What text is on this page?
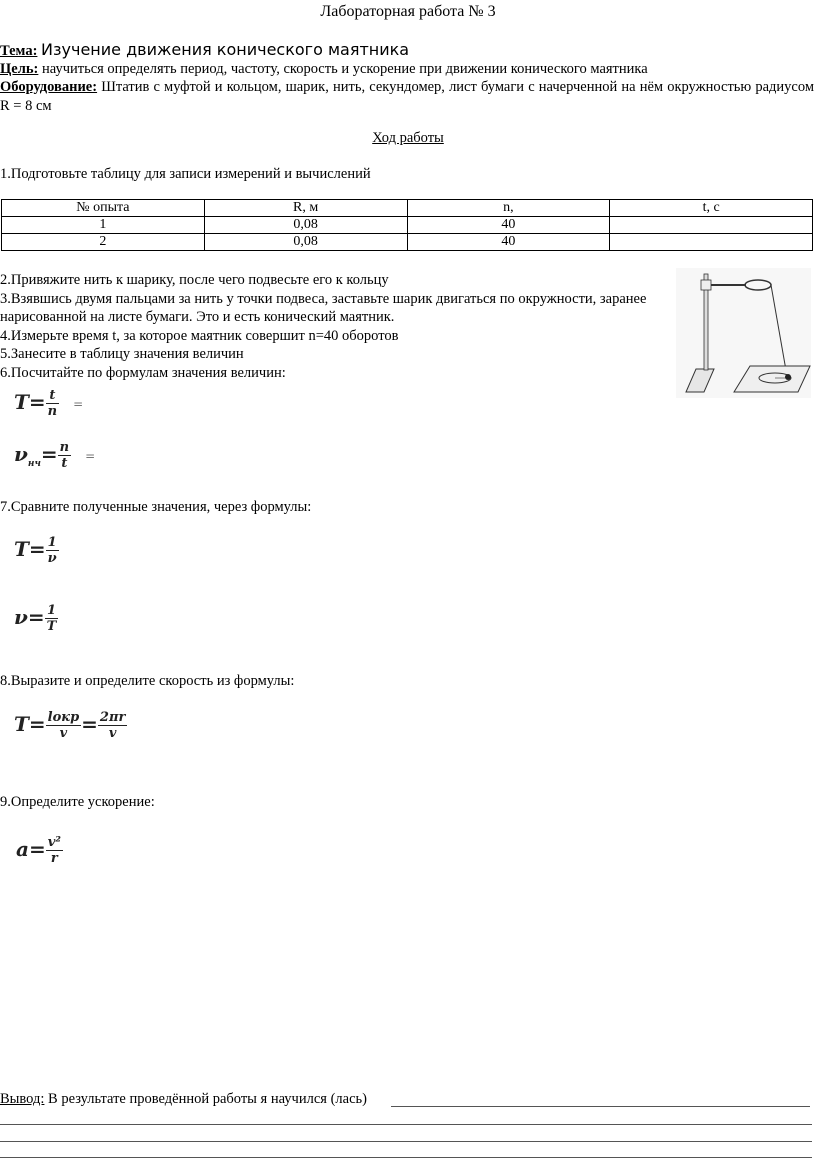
Лабораторная работа № 3
Тема: Изучение движения конического маятника
Цель: научиться определять период, частоту, скорость и ускорение при движении конического маятника
Оборудование: Штатив с муфтой и кольцом, шарик, нить, секундомер, лист бумаги с начерченной на нём окружностью радиусом R = 8 см
Ход работы
1.Подготовьте таблицу для записи измерений и вычислений
№ опыта	R, м	n,	t, с
1	0,08	40	
2	0,08	40	
2.Привяжите нить к шарику, после чего подвесьте его к кольцу
3.Взявшись двумя пальцами за нить у точки подвеса, заставьте шарик двигаться по окружности, заранее
нарисованной на листе бумаги. Это и есть конический маятник.
4.Измерьте время t, за которое маятник совершит n=40 оборотов
5.Занесите в таблицу значения величин
6.Посчитайте по формулам значения величин:
$T= \frac{t}{n}$ =
$\nu_{нч}= \frac{n}{t}$ =
7.Сравните полученные значения, через формулы:
$T= \frac{1}{\nu}$
$\nu= \frac{1}{T}$
8.Выразите и определите скорость из формулы:
$T= \frac{\text{lокр}}{v} = \frac{2\pi r}{v}$
9.Определите ускорение:
$a= \frac{\text{v²}}{r}$
Вывод: В результате проведённой работы я научился (лась)
